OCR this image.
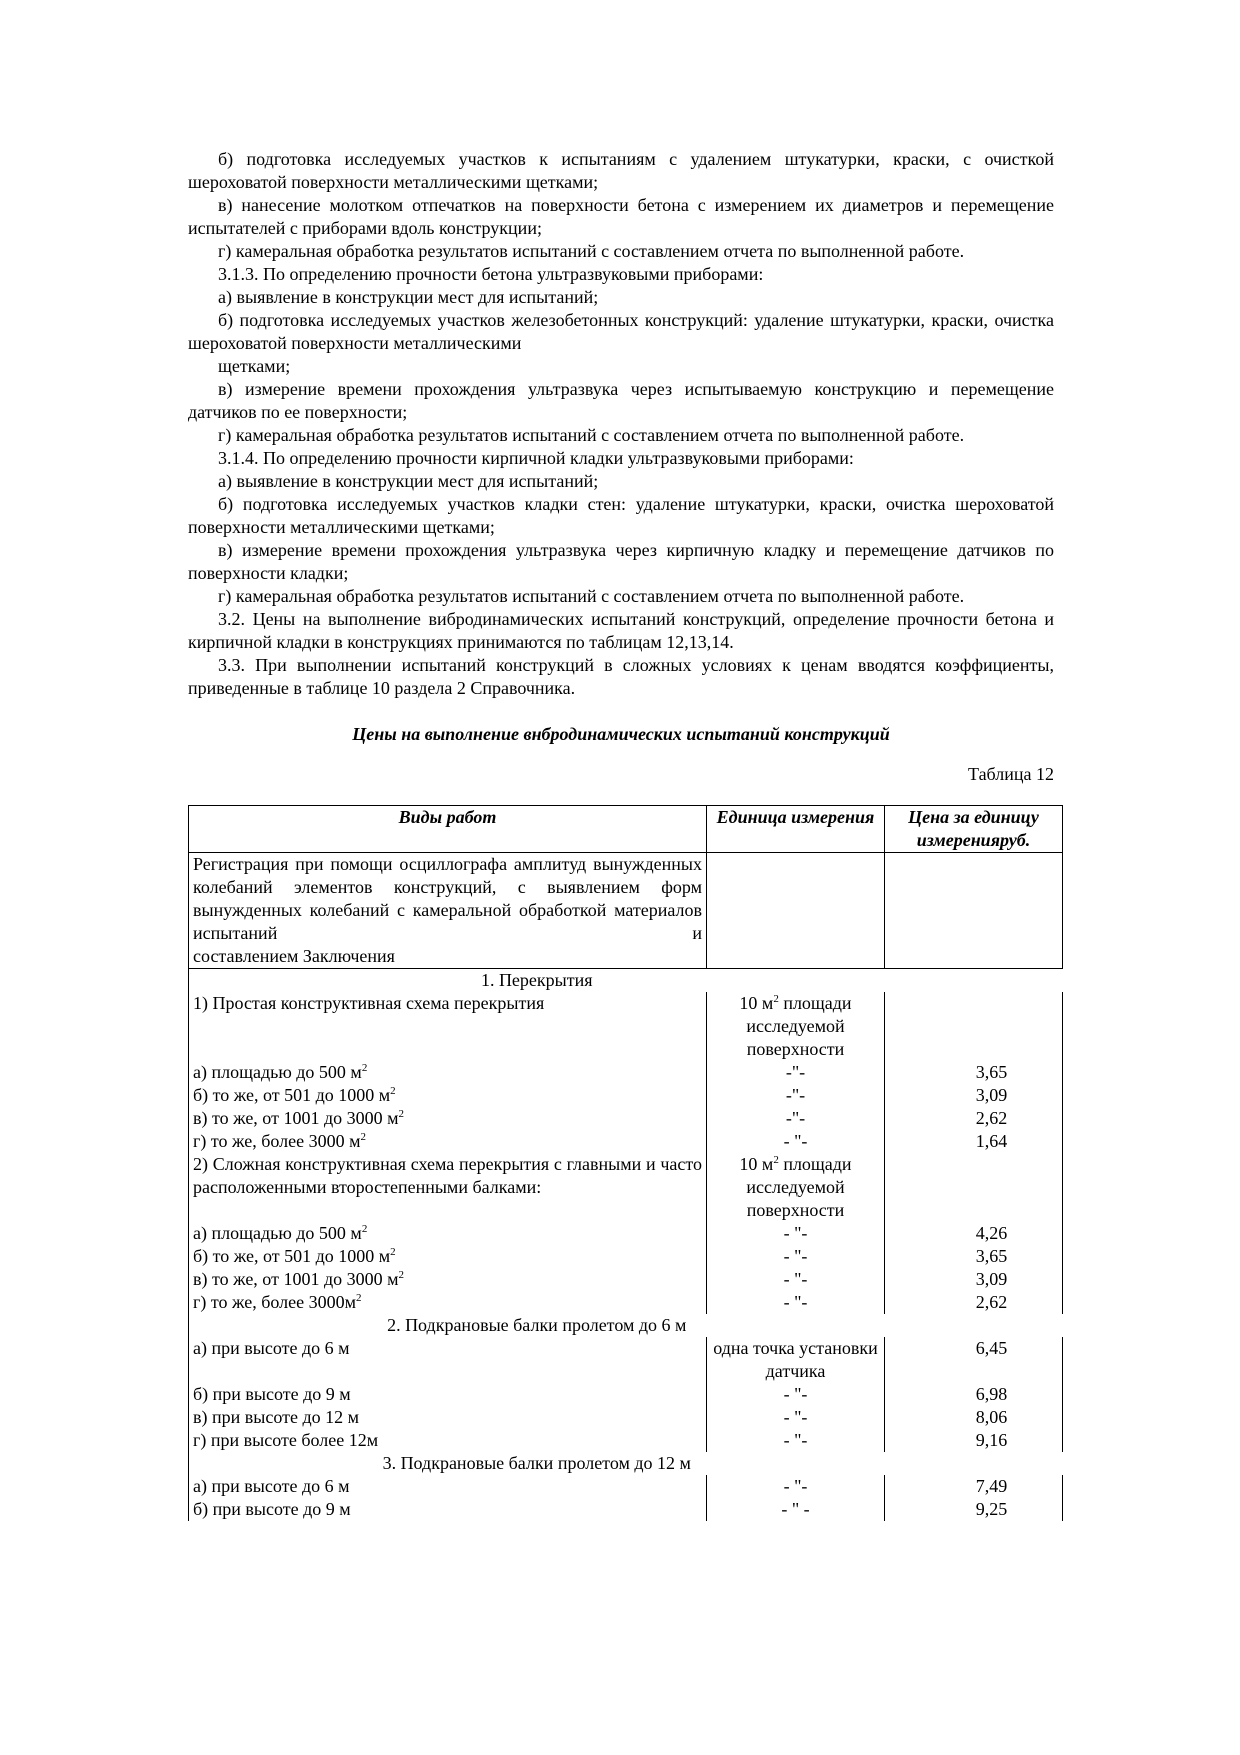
б) подготовка исследуемых участков к испытаниям с удалением штукатурки, краски, с очисткой шероховатой поверхности металлическими щетками;

в) нанесение молотком отпечатков на поверхности бетона с измерением их диаметров и перемещение испытателей с приборами вдоль конструкции;

г) камеральная обработка результатов испытаний с составлением отчета по выполненной работе.

3.1.3. По определению прочности бетона ультразвуковыми приборами:

а) выявление в конструкции мест для испытаний;

б) подготовка исследуемых участков железобетонных конструкций: удаление штукатурки, краски, очистка шероховатой поверхности металлическими

щетками;

в) измерение времени прохождения ультразвука через испытываемую конструкцию и перемещение датчиков по ее поверхности;

г) камеральная обработка результатов испытаний с составлением отчета по выполненной работе.

3.1.4. По определению прочности кирпичной кладки ультразвуковыми приборами:

а) выявление в конструкции мест для испытаний;

б) подготовка исследуемых участков кладки стен: удаление штукатурки, краски, очистка шероховатой поверхности металлическими щетками;

в) измерение времени прохождения ультразвука через кирпичную кладку и перемещение датчиков по поверхности кладки;

г) камеральная обработка результатов испытаний с составлением отчета по выполненной работе.

3.2. Цены на выполнение вибродинамических испытаний конструкций, определение прочности бетона и кирпичной кладки в конструкциях принимаются по таблицам 12,13,14.

3.3. При выполнении испытаний конструкций в сложных условиях к ценам вводятся коэффициенты, приведенные в таблице 10 раздела 2 Справочника.

Цены на выполнение внбродинамических испытаний конструкций
Таблица 12
Виды работ	Единица измерения	Цена за единицу измеренияруб.
Регистрация при помощи осциллографа амплитуд вынужденных колебаний элементов конструкций, с выявлением форм вынужденных колебаний с камеральной обработкой материалов испытаний и
составлением Заключения		

1. Перекрытия		
1) Простая конструктивная схема перекрытия	10 $м^2$ площади исследуемой поверхности	
а) площадью до 500 $м^2$	-"-	3,65
б) то же, от 501 до 1000 $м^2$	-"-	3,09
в) то же, от 1001 до 3000 $м^2$	-"-	2,62
г) то же, более 3000 $м^2$	- "-	1,64
2) Сложная конструктивная схема перекрытия с главными и часто расположенными второстепенными балками:	10 $м^2$ площади исследуемой поверхности	
а) площадью до 500 $м^2$	- "-	4,26
б) то же, от 501 до 1000 $м^2$	- "-	3,65
в) то же, от 1001 до 3000 $м^2$	- "-	3,09
г) то же, более $3000м^2$	- "-	2,62
2. Подкрановые балки пролетом до 6 м		
а) при высоте до 6 м	одна точка установки датчика	6,45
б) при высоте до 9 м	- "-	6,98
в) при высоте до 12 м	- "-	8,06
г) при высоте более 12м	- "-	9,16
3. Подкрановые балки пролетом до 12 м		
а) при высоте до 6 м	- "-	7,49
б) при высоте до 9 м	- " -	9,25
